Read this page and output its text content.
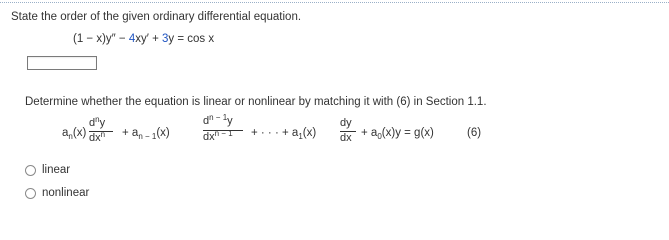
State the order of the given ordinary differential equation.
(1 − x)y″ − 4xy′ + 3y = cos x
Determine whether the equation is linear or nonlinear by matching it with (6) in Section 1.1.
$a_n(x)$
$d^ny$
$dx^n + a_{n - 1}(x)$
$d^{n - 1}y$
$dx^{n - 1}$ + · · · + $a_1(x)$
dy
dx + $a_0(x)y = g(x)$	(6)
linear
nonlinear
